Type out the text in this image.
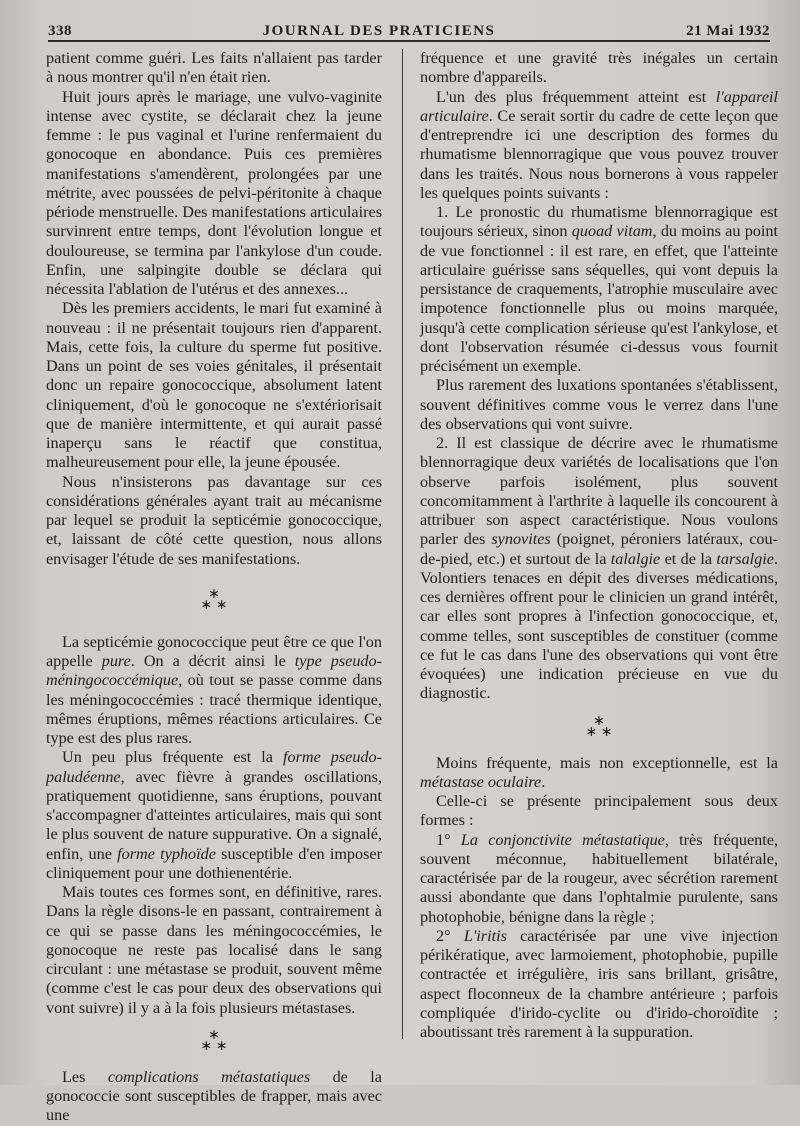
338	JOURNAL DES PRATICIENS	21 Mai 1932

patient comme guéri. Les faits n'allaient pas tarder à nous montrer qu'il n'en était rien.

Huit jours après le mariage, une vulvo-vaginite intense avec cystite, se déclarait chez la jeune femme : le pus vaginal et l'urine renfermaient du gonocoque en abondance. Puis ces premières manifestations s'amendèrent, prolongées par une métrite, avec poussées de pelvi-péritonite à chaque période menstruelle. Des manifestations articulaires survinrent entre temps, dont l'évolution longue et douloureuse, se termina par l'ankylose d'un coude. Enfin, une salpingite double se déclara qui nécessita l'ablation de l'utérus et des annexes...

Dès les premiers accidents, le mari fut examiné à nouveau : il ne présentait toujours rien d'apparent. Mais, cette fois, la culture du sperme fut positive. Dans un point de ses voies génitales, il présentait donc un repaire gonococcique, absolument latent cliniquement, d'où le gonocoque ne s'extériorisait que de manière intermittente, et qui aurait passé inaperçu sans le réactif que constitua, malheureusement pour elle, la jeune épousée.

Nous n'insisterons pas davantage sur ces considérations générales ayant trait au mécanisme par lequel se produit la septicémie gonococcique, et, laissant de côté cette question, nous allons envisager l'étude de ses manifestations.

∗
∗ ∗

La septicémie gonococcique peut être ce que l'on appelle pure. On a décrit ainsi le type pseudo-méningococcémique, où tout se passe comme dans les méningococcémies : tracé thermique identique, mêmes éruptions, mêmes réactions articulaires. Ce type est des plus rares.

Un peu plus fréquente est la forme pseudo-paludéenne, avec fièvre à grandes oscillations, pratiquement quotidienne, sans éruptions, pouvant s'accompagner d'atteintes articulaires, mais qui sont le plus souvent de nature suppurative. On a signalé, enfin, une forme typhoïde susceptible d'en imposer cliniquement pour une dothienentérie.

Mais toutes ces formes sont, en définitive, rares. Dans la règle disons-le en passant, contrairement à ce qui se passe dans les méningococcémies, le gonocoque ne reste pas localisé dans le sang circulant : une métastase se produit, souvent même (comme c'est le cas pour deux des observations qui vont suivre) il y a à la fois plusieurs métastases.

∗
∗ ∗

Les complications métastatiques de la gonococcie sont susceptibles de frapper, mais avec une

fréquence et une gravité très inégales un certain nombre d'appareils.

L'un des plus fréquemment atteint est l'appareil articulaire. Ce serait sortir du cadre de cette leçon que d'entreprendre ici une description des formes du rhumatisme blennorragique que vous pouvez trouver dans les traités. Nous nous bornerons à vous rappeler les quelques points suivants :

1. Le pronostic du rhumatisme blennorragique est toujours sérieux, sinon quoad vitam, du moins au point de vue fonctionnel : il est rare, en effet, que l'atteinte articulaire guérisse sans séquelles, qui vont depuis la persistance de craquements, l'atrophie musculaire avec impotence fonctionnelle plus ou moins marquée, jusqu'à cette complication sérieuse qu'est l'ankylose, et dont l'observation résumée ci-dessus vous fournit précisément un exemple.

Plus rarement des luxations spontanées s'établissent, souvent définitives comme vous le verrez dans l'une des observations qui vont suivre.

2. Il est classique de décrire avec le rhumatisme blennorragique deux variétés de localisations que l'on observe parfois isolément, plus souvent concomitamment à l'arthrite à laquelle ils concourent à attribuer son aspect caractéristique. Nous voulons parler des synovites (poignet, péroniers latéraux, cou-de-pied, etc.) et surtout de la talalgie et de la tarsalgie. Volontiers tenaces en dépit des diverses médications, ces dernières offrent pour le clinicien un grand intérêt, car elles sont propres à l'infection gonococcique, et, comme telles, sont susceptibles de constituer (comme ce fut le cas dans l'une des observations qui vont être évoquées) une indication précieuse en vue du diagnostic.

∗
∗ ∗

Moins fréquente, mais non exceptionnelle, est la métastase oculaire.

Celle-ci se présente principalement sous deux formes :

1° La conjonctivite métastatique, très fréquente, souvent méconnue, habituellement bilatérale, caractérisée par de la rougeur, avec sécrétion rarement aussi abondante que dans l'ophtalmie purulente, sans photophobie, bénigne dans la règle ;

2° L'iritis caractérisée par une vive injection périkératique, avec larmoiement, photophobie, pupille contractée et irrégulière, iris sans brillant, grisâtre, aspect floconneux de la chambre antérieure ; parfois compliquée d'irido-cyclite ou d'irido-choroïdite ; aboutissant très rarement à la suppuration.
